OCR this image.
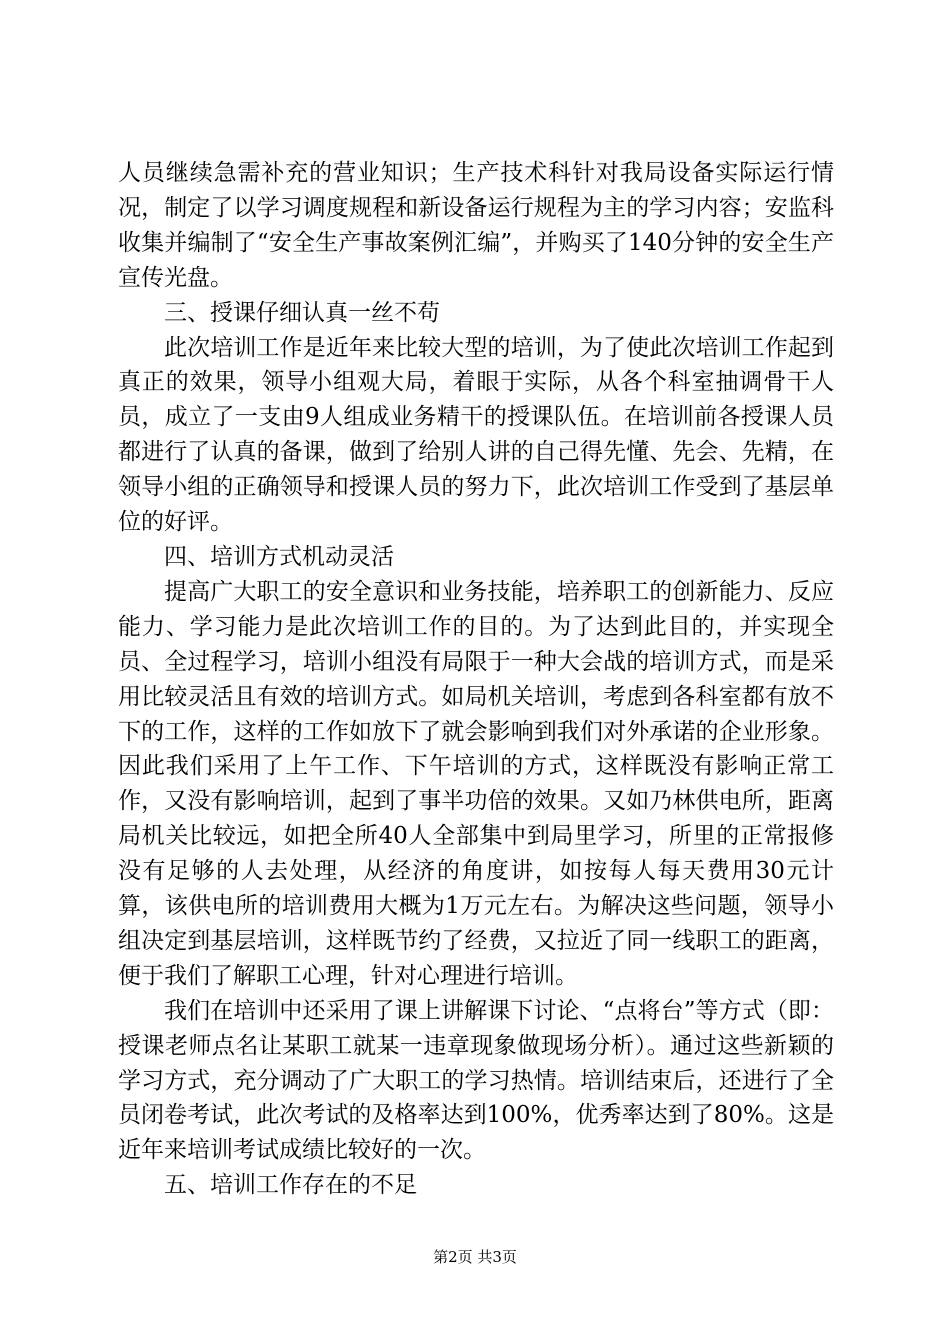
人员继续急需补充的营业知识；生产技术科针对我局设备实际运行情况，制定了以学习调度规程和新设备运行规程为主的学习内容；安监科收集并编制了“安全生产事故案例汇编”，并购买了140分钟的安全生产宣传光盘。

三、授课仔细认真一丝不苟

此次培训工作是近年来比较大型的培训，为了使此次培训工作起到真正的效果，领导小组观大局，着眼于实际，从各个科室抽调骨干人员，成立了一支由9人组成业务精干的授课队伍。在培训前各授课人员都进行了认真的备课，做到了给别人讲的自己得先懂、先会、先精，在领导小组的正确领导和授课人员的努力下，此次培训工作受到了基层单位的好评。

四、培训方式机动灵活

提高广大职工的安全意识和业务技能，培养职工的创新能力、反应能力、学习能力是此次培训工作的目的。为了达到此目的，并实现全员、全过程学习，培训小组没有局限于一种大会战的培训方式，而是采用比较灵活且有效的培训方式。如局机关培训，考虑到各科室都有放不下的工作，这样的工作如放下了就会影响到我们对外承诺的企业形象。因此我们采用了上午工作、下午培训的方式，这样既没有影响正常工作，又没有影响培训，起到了事半功倍的效果。又如乃林供电所，距离局机关比较远，如把全所40人全部集中到局里学习，所里的正常报修没有足够的人去处理，从经济的角度讲，如按每人每天费用30元计算，该供电所的培训费用大概为1万元左右。为解决这些问题，领导小组决定到基层培训，这样既节约了经费，又拉近了同一线职工的距离，便于我们了解职工心理，针对心理进行培训。

我们在培训中还采用了课上讲解课下讨论、“点将台”等方式（即：授课老师点名让某职工就某一违章现象做现场分析）。通过这些新颖的学习方式，充分调动了广大职工的学习热情。培训结束后，还进行了全员闭卷考试，此次考试的及格率达到100%，优秀率达到了80%。这是近年来培训考试成绩比较好的一次。

五、培训工作存在的不足

第2页 共3页
